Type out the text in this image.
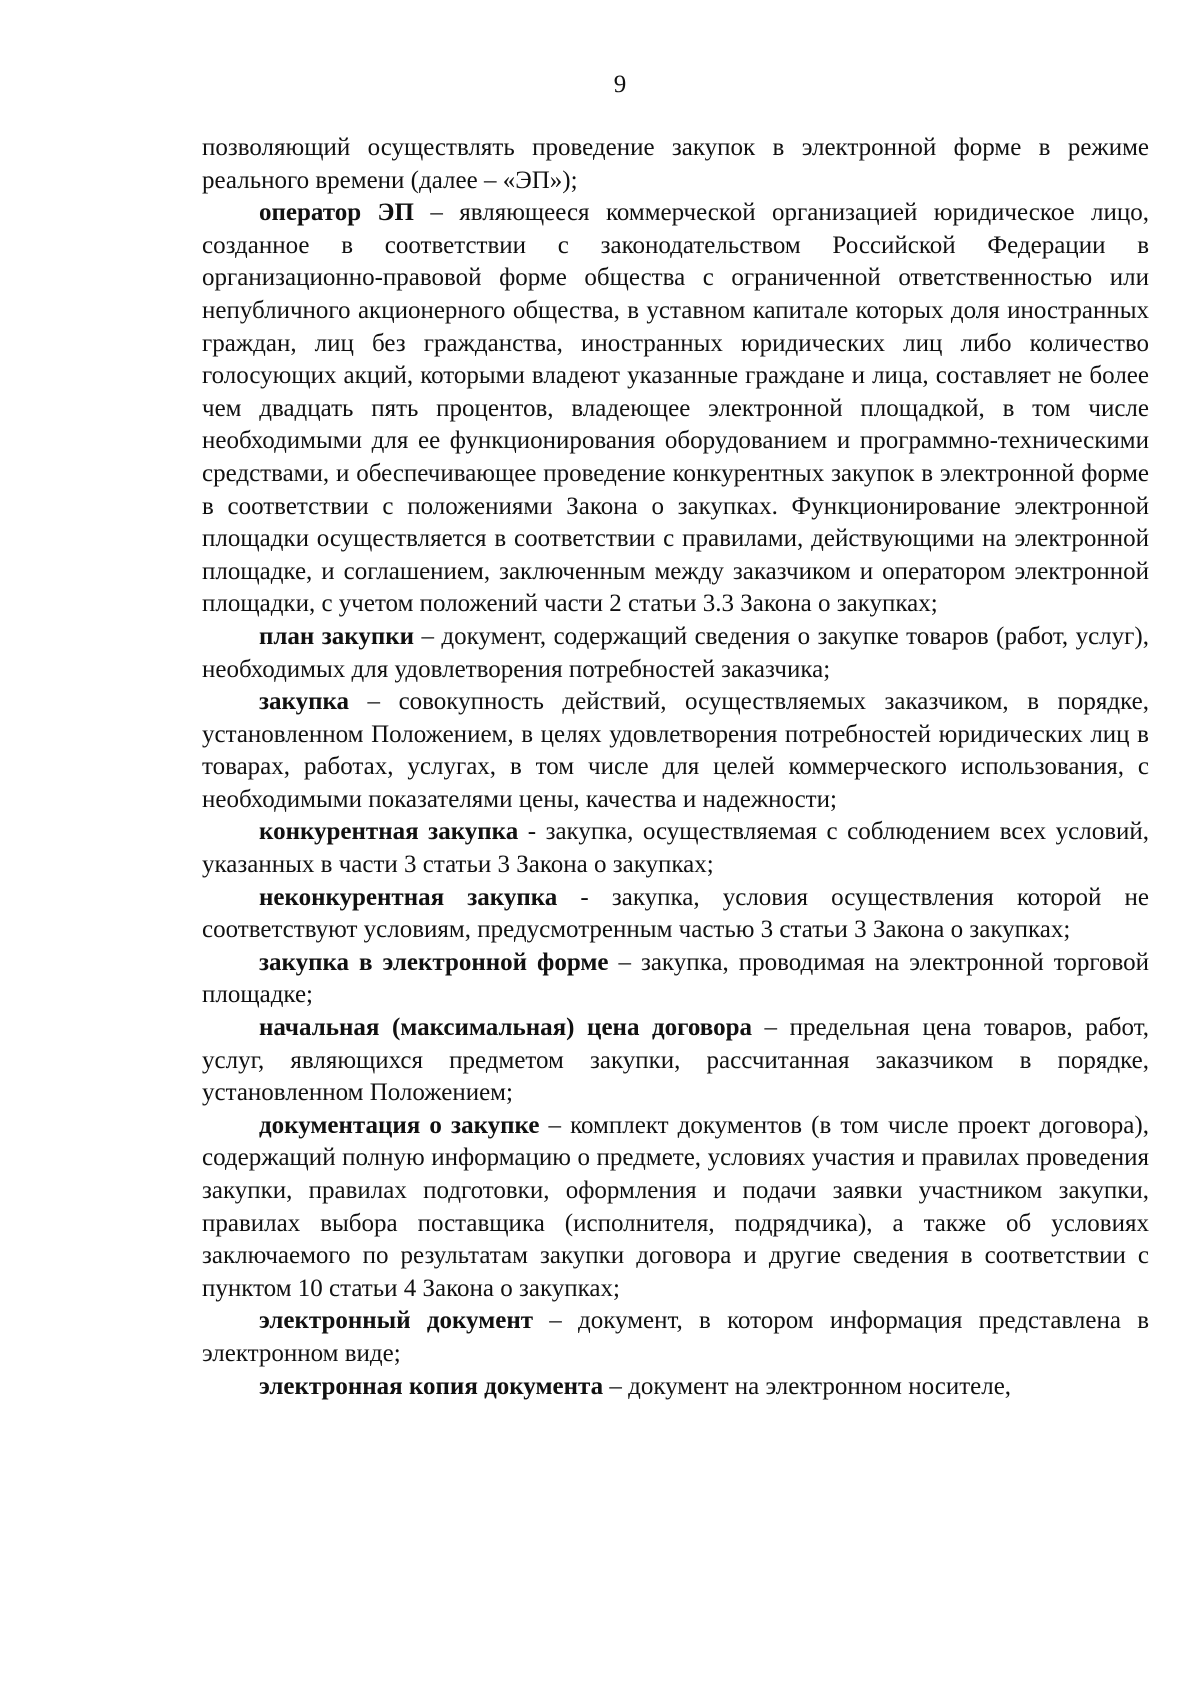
9

позволяющий осуществлять проведение закупок в электронной форме в режиме реального времени (далее – «ЭП»);

оператор ЭП – являющееся коммерческой организацией юридическое лицо, созданное в соответствии с законодательством Российской Федерации в организационно-правовой форме общества с ограниченной ответственностью или непубличного акционерного общества, в уставном капитале которых доля иностранных граждан, лиц без гражданства, иностранных юридических лиц либо количество голосующих акций, которыми владеют указанные граждане и лица, составляет не более чем двадцать пять процентов, владеющее электронной площадкой, в том числе необходимыми для ее функционирования оборудованием и программно-техническими средствами, и обеспечивающее проведение конкурентных закупок в электронной форме в соответствии с положениями Закона о закупках. Функционирование электронной площадки осуществляется в соответствии с правилами, действующими на электронной площадке, и соглашением, заключенным между заказчиком и оператором электронной площадки, с учетом положений части 2 статьи 3.3 Закона о закупках;

план закупки – документ, содержащий сведения о закупке товаров (работ, услуг), необходимых для удовлетворения потребностей заказчика;

закупка – совокупность действий, осуществляемых заказчиком, в порядке, установленном Положением, в целях удовлетворения потребностей юридических лиц в товарах, работах, услугах, в том числе для целей коммерческого использования, с необходимыми показателями цены, качества и надежности;

конкурентная закупка - закупка, осуществляемая с соблюдением всех условий, указанных в части 3 статьи 3 Закона о закупках;

неконкурентная закупка - закупка, условия осуществления которой не соответствуют условиям, предусмотренным частью 3 статьи 3 Закона о закупках;

закупка в электронной форме – закупка, проводимая на электронной торговой площадке;

начальная (максимальная) цена договора – предельная цена товаров, работ, услуг, являющихся предметом закупки, рассчитанная заказчиком в порядке, установленном Положением;

документация о закупке – комплект документов (в том числе проект договора), содержащий полную информацию о предмете, условиях участия и правилах проведения закупки, правилах подготовки, оформления и подачи заявки участником закупки, правилах выбора поставщика (исполнителя, подрядчика), а также об условиях заключаемого по результатам закупки договора и другие сведения в соответствии с пунктом 10 статьи 4 Закона о закупках;

электронный документ – документ, в котором информация представлена в электронном виде;

электронная копия документа – документ на электронном носителе,
